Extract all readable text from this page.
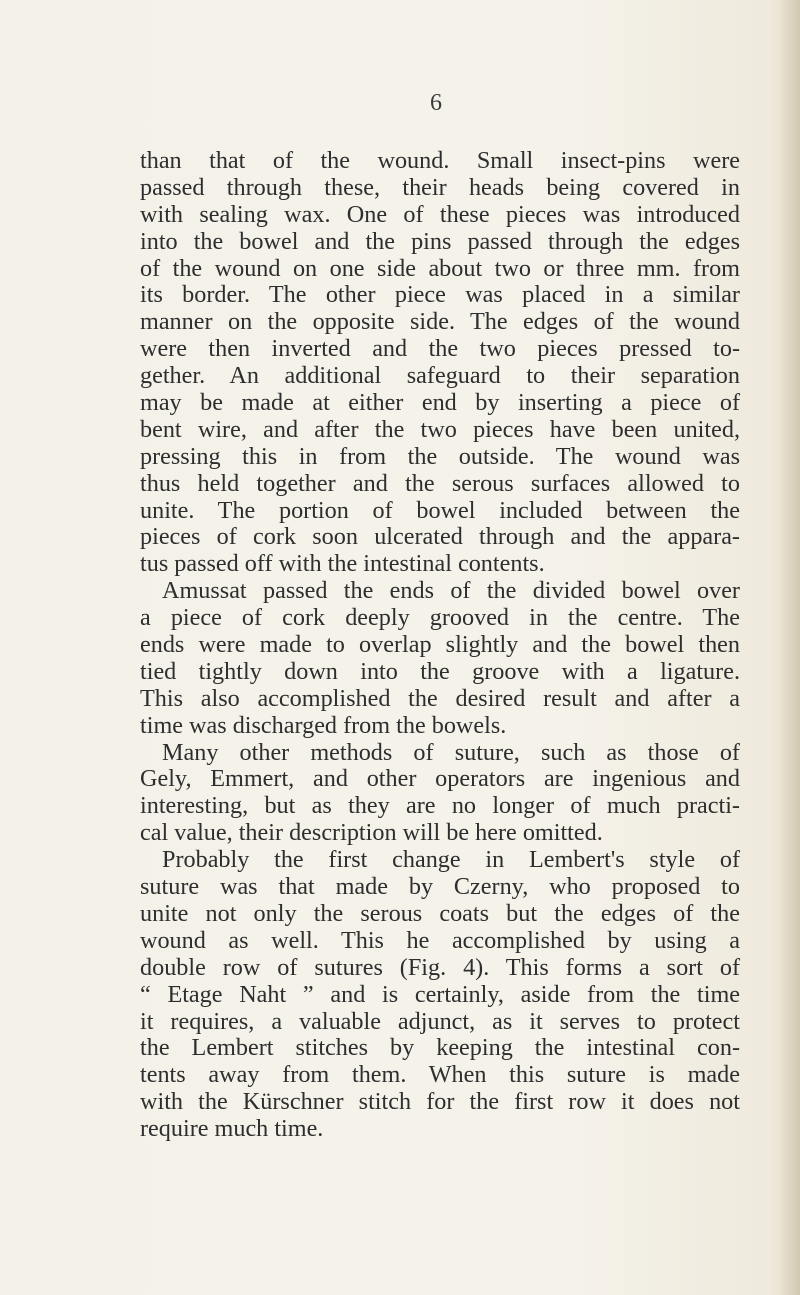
6
than that of the wound. Small insect-pins were
passed through these, their heads being covered in
with sealing wax. One of these pieces was introduced
into the bowel and the pins passed through the edges
of the wound on one side about two or three mm. from
its border. The other piece was placed in a similar
manner on the opposite side. The edges of the wound
were then inverted and the two pieces pressed to-
gether. An additional safeguard to their separation
may be made at either end by inserting a piece of
bent wire, and after the two pieces have been united,
pressing this in from the outside. The wound was
thus held together and the serous surfaces allowed to
unite. The portion of bowel included between the
pieces of cork soon ulcerated through and the appara-
tus passed off with the intestinal contents.
Amussat passed the ends of the divided bowel over
a piece of cork deeply grooved in the centre. The
ends were made to overlap slightly and the bowel then
tied tightly down into the groove with a ligature.
This also accomplished the desired result and after a
time was discharged from the bowels.
Many other methods of suture, such as those of
Gely, Emmert, and other operators are ingenious and
interesting, but as they are no longer of much practi-
cal value, their description will be here omitted.
Probably the first change in Lembert's style of
suture was that made by Czerny, who proposed to
unite not only the serous coats but the edges of the
wound as well. This he accomplished by using a
double row of sutures (Fig. 4). This forms a sort of
“ Etage Naht ” and is certainly, aside from the time
it requires, a valuable adjunct, as it serves to protect
the Lembert stitches by keeping the intestinal con-
tents away from them. When this suture is made
with the Kürschner stitch for the first row it does not
require much time.
